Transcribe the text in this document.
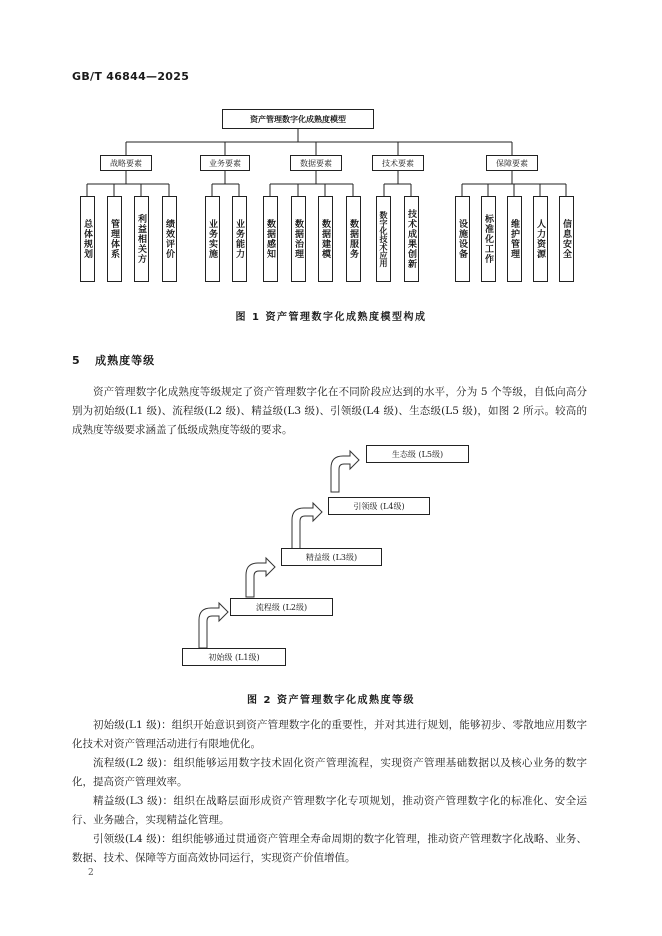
GB/T 46844—2025
资产管理数字化成熟度模型
战略要素	业务要素	数据要素	技术要素	保障要素
总体规划 管理体系 利益相关方 绩效评价	业务实施 业务能力 数据感知 数据治理 数据建模 数据服务	数字化技术应用 技术成果创新	设施设备 标准化工作 维护管理 人力资源 信息安全
图 1 资产管理数字化成熟度模型构成
5 成熟度等级
资产管理数字化成熟度等级规定了资产管理数字化在不同阶段应达到的水平，分为 5 个等级，自低向高分别为初始级(L1 级)、流程级(L2 级)、精益级(L3 级)、引领级(L4 级)、生态级(L5 级)，如图 2 所示。较高的成熟度等级要求涵盖了低级成熟度等级的要求。
初始级 (L1级)
流程级 (L2级)
精益级 (L3级)
引领级 (L4级)
生态级 (L5级)
图 2 资产管理数字化成熟度等级
初始级(L1 级)：组织开始意识到资产管理数字化的重要性，并对其进行规划，能够初步、零散地应用数字化技术对资产管理活动进行有限地优化。
流程级(L2 级)：组织能够运用数字技术固化资产管理流程，实现资产管理基础数据以及核心业务的数字化，提高资产管理效率。
精益级(L3 级)：组织在战略层面形成资产管理数字化专项规划，推动资产管理数字化的标准化、安全运行、业务融合，实现精益化管理。
引领级(L4 级)：组织能够通过贯通资产管理全寿命周期的数字化管理，推动资产管理数字化战略、业务、数据、技术、保障等方面高效协同运行，实现资产价值增值。
2
